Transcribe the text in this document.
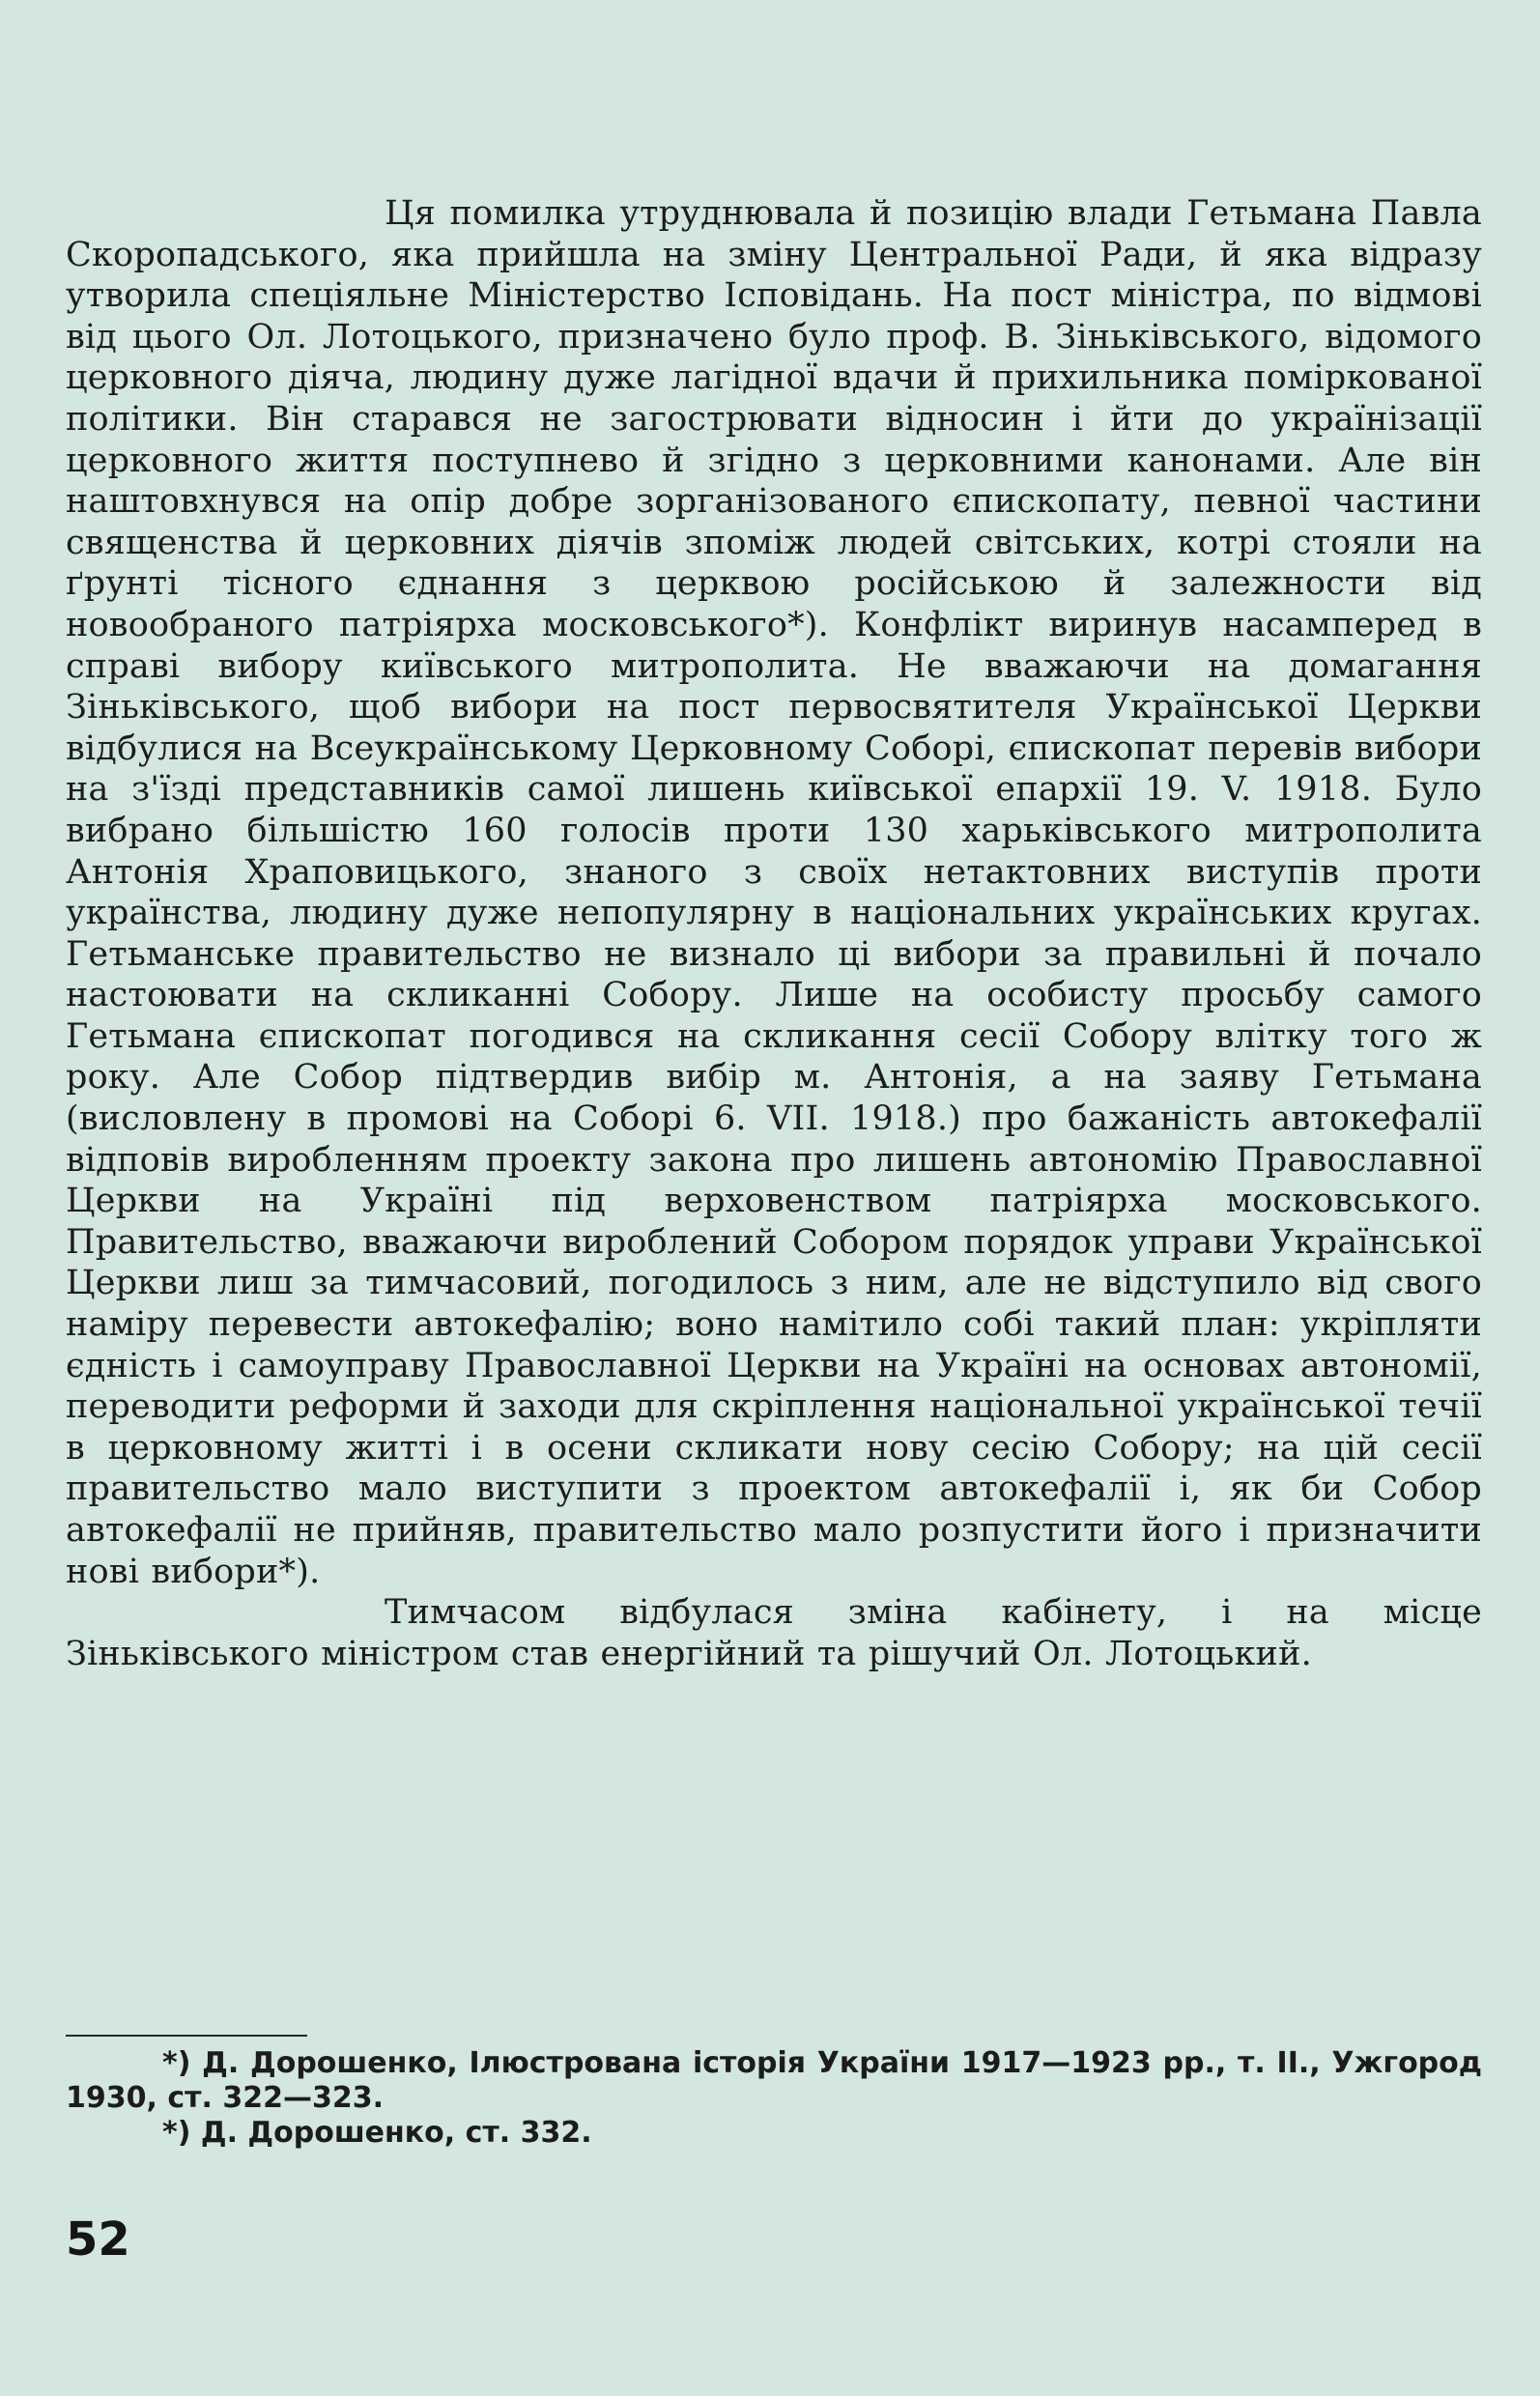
Ця помилка утруднювала й позицію влади Гетьмана Павла Скоропадського, яка прийшла на зміну Центральної Ради, й яка відразу утворила спеціяльне Міністерство Ісповідань. На пост міністра, по відмові від цього Ол. Лотоцького, призначено було проф. В. Зіньківського, відомого церковного діяча, людину дуже лагідної вдачи й прихильника поміркованої політики. Він старався не загострювати відносин і йти до українізації церковного життя поступнево й згідно з церковними канонами. Але він наштовхнувся на опір добре зорганізованого єпископату, певної частини священства й церковних діячів зпоміж людей світських, котрі стояли на ґрунті тісного єднання з церквою російською й залежности від новообраного патріярха московського*). Конфлікт виринув насамперед в справі вибору київського митрополита. Не вважаючи на домагання Зіньківського, щоб вибори на пост первосвятителя Української Церкви відбулися на Всеукраїнському Церковному Соборі, єпископат перевів вибори на з'їзді представників самої лишень київської епархії 19. V. 1918. Було вибрано більшістю 160 голосів проти 130 харьківського митрополита Антонія Храповицького, знаного з своїх нетактовних виступів проти українства, людину дуже непопулярну в національних українських кругах. Гетьманське правительство не визнало ці вибори за правильні й почало настоювати на скликанні Собору. Лише на особисту просьбу самого Гетьмана єпископат погодився на скликання сесії Собору влітку того ж року. Але Собор підтвердив вибір м. Антонія, а на заяву Гетьмана (висловлену в промові на Соборі 6. VII. 1918.) про бажаність автокефалії відповів виробленням проекту закона про лишень автономію Православної Церкви на Україні під верховенством патріярха московського. Правительство, вважаючи вироблений Собором порядок управи Української Церкви лиш за тимчасовий, погодилось з ним, але не відступило від свого наміру перевести автокефалію; воно намітило собі такий план: укріпляти єдність і самоуправу Православної Церкви на Україні на основах автономії, переводити реформи й заходи для скріплення національної української течії в церковному житті і в осени скликати нову сесію Собору; на цій сесії правительство мало виступити з проектом автокефалії і, як би Собор автокефалії не прийняв, правительство мало розпустити його і призначити нові вибори*).

Тимчасом відбулася зміна кабінету, і на місце Зіньківського міністром став енергійний та рішучий Ол. Лотоцький.

*) Д. Дорошенко, Ілюстрована історія України 1917—1923 рр., т. II., Ужгород 1930, ст. 322—323.

*) Д. Дорошенко, ст. 332.

52
